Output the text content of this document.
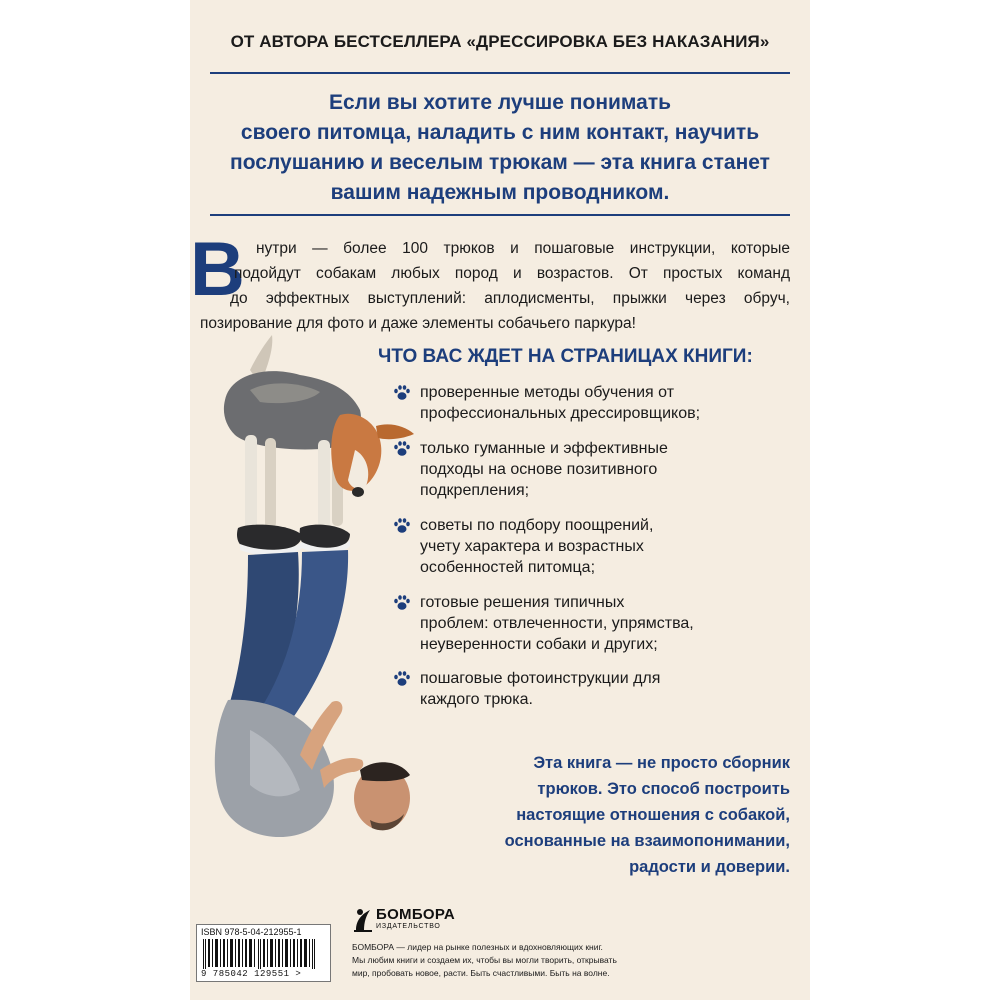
ОТ АВТОРА БЕСТСЕЛЛЕРА «ДРЕССИРОВКА БЕЗ НАКАЗАНИЯ»
Если вы хотите лучше понимать
своего питомца, наладить с ним контакт, научить
послушанию и веселым трюкам — эта книга станет
вашим надежным проводником.
В нутри — более 100 трюков и пошаговые инструкции, которые
подойдут собакам любых пород и возрастов. От простых команд
до эффектных выступлений: аплодисменты, прыжки через обруч,
позирование для фото и даже элементы собачьего паркура!
ЧТО ВАС ЖДЕТ НА СТРАНИЦАХ КНИГИ:
проверенные методы обучения от
профессиональных дрессировщиков;
только гуманные и эффективные
подходы на основе позитивного
подкрепления;
советы по подбору поощрений,
учету характера и возрастных
особенностей питомца;
готовые решения типичных
проблем: отвлеченности, упрямства,
неуверенности собаки и других;
пошаговые фотоинструкции для
каждого трюка.
Эта книга — не просто сборник
трюков. Это способ построить
настоящие отношения с собакой,
основанные на взаимопонимании,
радости и доверии.
ISBN 978-5-04-212955-1
9 785042 129551 >
БОМБОРА
ИЗДАТЕЛЬСТВО
БОМБОРА — лидер на рынке полезных и вдохновляющих книг.
Мы любим книги и создаем их, чтобы вы могли творить, открывать
мир, пробовать новое, расти. Быть счастливыми. Быть на волне.
